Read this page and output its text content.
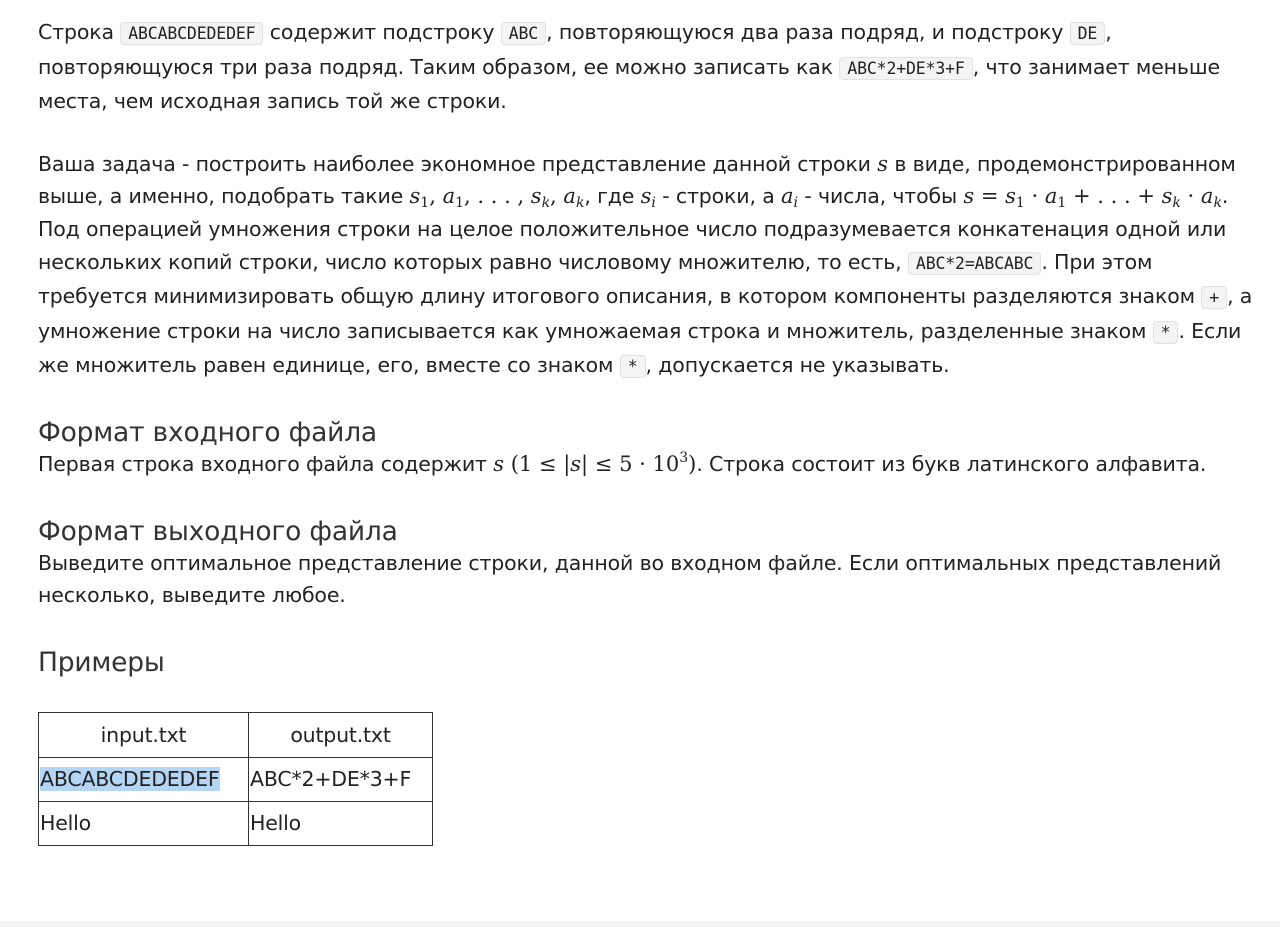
Строка ABCABCDEDEDEF содержит подстроку ABC , повторяющуюся два раза подряд, и подстроку DE , повторяющуюся три раза подряд. Таким образом, ее можно записать как ABC*2+DE*3+F , что занимает меньше места, чем исходная запись той же строки.

Ваша задача - построить наиболее экономное представление данной строки s в виде, продемонстрированном выше, а именно, подобрать такие $s_1$, $a_1$, . . . , $s_k$, $a_k$, где $s_i$ - строки, а $a_i$ - числа, чтобы $s = s_1 \cdot a_1$ + . . . + $s_k \cdot a_k$. Под операцией умножения строки на целое положительное число подразумевается конкатенация одной или нескольких копий строки, число которых равно числовому множителю, то есть, ABC*2=ABCABC . При этом требуется минимизировать общую длину итогового описания, в котором компоненты разделяются знаком + , а умножение строки на число записывается как умножаемая строка и множитель, разделенные знаком * . Если же множитель равен единице, его, вместе со знаком * , допускается не указывать.

Формат входного файла

Первая строка входного файла содержит s $(1 \le |s| \le 5 \cdot 10^3)$. Строка состоит из букв латинского алфавита.

Формат выходного файла

Выведите оптимальное представление строки, данной во входном файле. Если оптимальных представлений несколько, выведите любое.

Примеры
input.txt	output.txt
ABCABCDEDEDEF	ABC*2+DE*3+F
Hello	Hello
